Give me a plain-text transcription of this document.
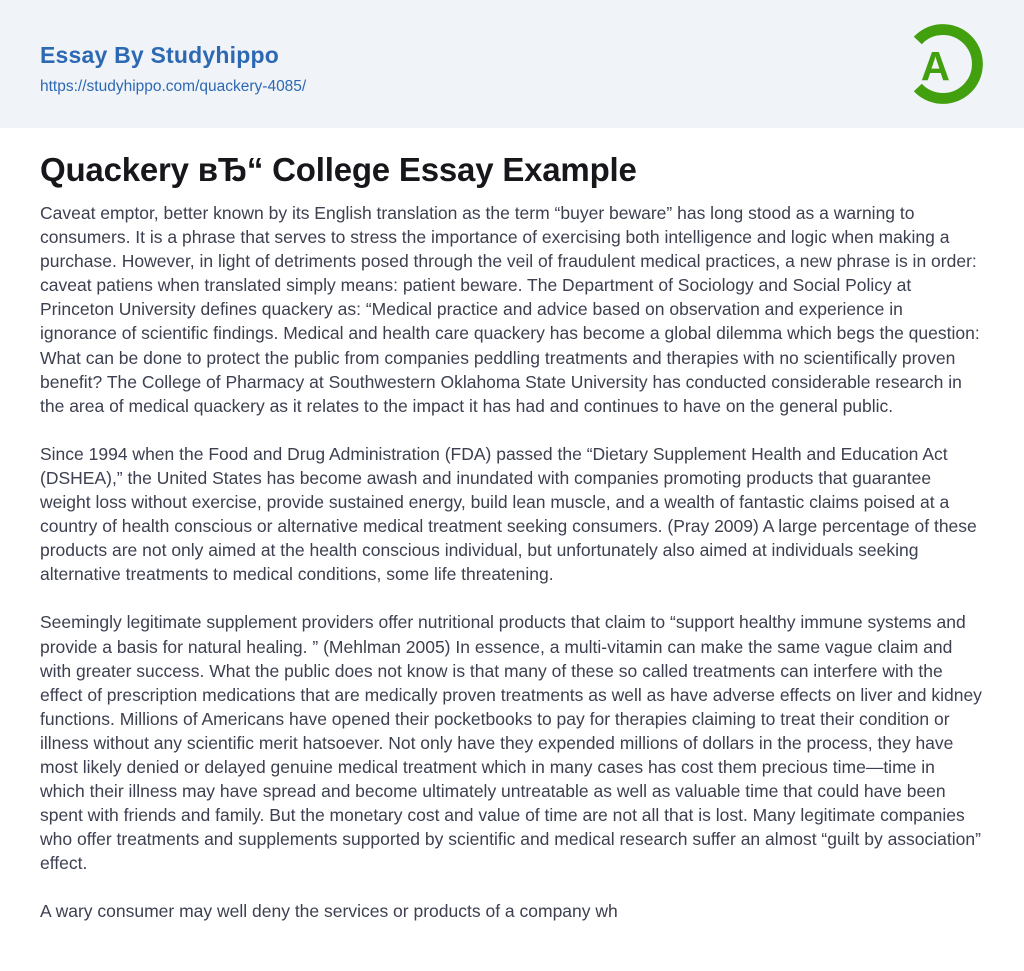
Essay By Studyhippo
https://studyhippo.com/quackery-4085/	A
Quackery вЂ“ College Essay Example

Caveat emptor, better known by its English translation as the term “buyer beware” has long stood as a warning to consumers. It is a phrase that serves to stress the importance of exercising both intelligence and logic when making a purchase. However, in light of detriments posed through the veil of fraudulent medical practices, a new phrase is in order: caveat patiens when translated simply means: patient beware. The Department of Sociology and Social Policy at Princeton University defines quackery as: “Medical practice and advice based on observation and experience in ignorance of scientific findings. Medical and health care quackery has become a global dilemma which begs the question: What can be done to protect the public from companies peddling treatments and therapies with no scientifically proven benefit? The College of Pharmacy at Southwestern Oklahoma State University has conducted considerable research in the area of medical quackery as it relates to the impact it has had and continues to have on the general public.

Since 1994 when the Food and Drug Administration (FDA) passed the “Dietary Supplement Health and Education Act (DSHEA),” the United States has become awash and inundated with companies promoting products that guarantee weight loss without exercise, provide sustained energy, build lean muscle, and a wealth of fantastic claims poised at a country of health conscious or alternative medical treatment seeking consumers. (Pray 2009) A large percentage of these products are not only aimed at the health conscious individual, but unfortunately also aimed at individuals seeking alternative treatments to medical conditions, some life threatening.

Seemingly legitimate supplement providers offer nutritional products that claim to “support healthy immune systems and provide a basis for natural healing. ” (Mehlman 2005) In essence, a multi-vitamin can make the same vague claim and with greater success. What the public does not know is that many of these so called treatments can interfere with the effect of prescription medications that are medically proven treatments as well as have adverse effects on liver and kidney functions. Millions of Americans have opened their pocketbooks to pay for therapies claiming to treat their condition or illness without any scientific merit hatsoever. Not only have they expended millions of dollars in the process, they have most likely denied or delayed genuine medical treatment which in many cases has cost them precious time—time in which their illness may have spread and become ultimately untreatable as well as valuable time that could have been spent with friends and family. But the monetary cost and value of time are not all that is lost. Many legitimate companies who offer treatments and supplements supported by scientific and medical research suffer an almost “guilt by association” effect.

A wary consumer may well deny the services or products of a company wh
